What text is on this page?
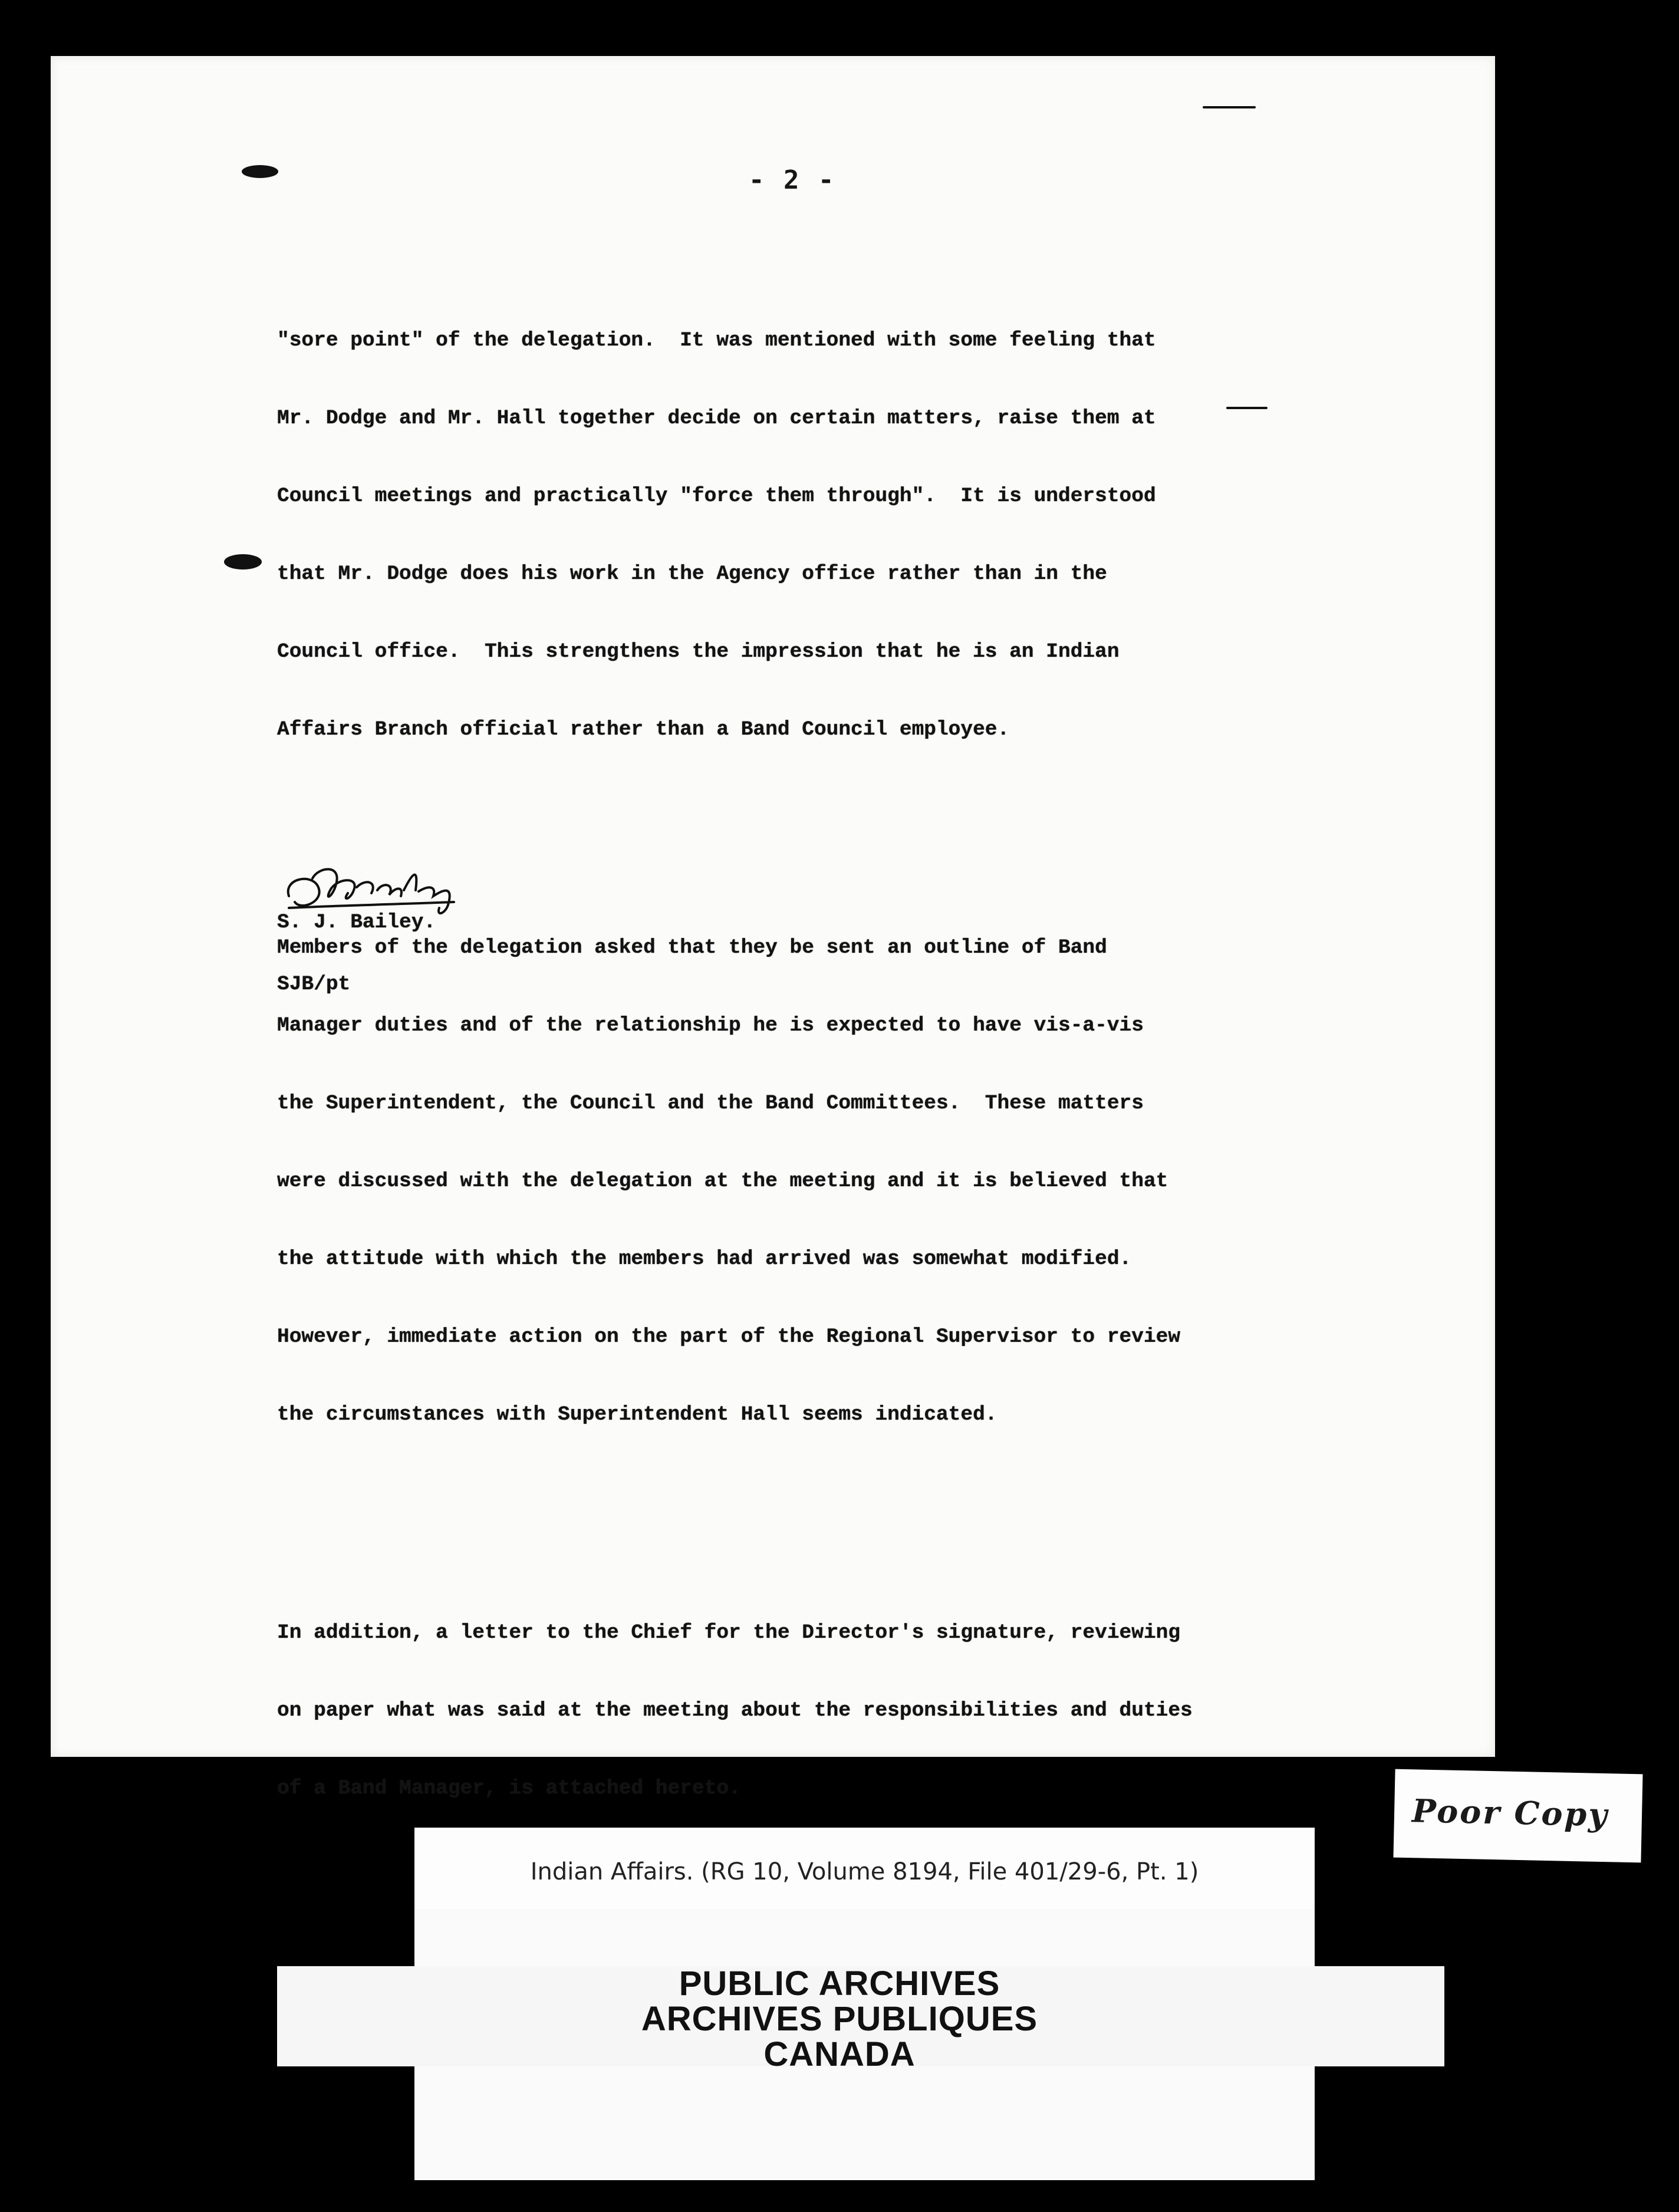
- 2 -

"sore point" of the delegation.  It was mentioned with some feeling that

Mr. Dodge and Mr. Hall together decide on certain matters, raise them at

Council meetings and practically "force them through".  It is understood

that Mr. Dodge does his work in the Agency office rather than in the

Council office.  This strengthens the impression that he is an Indian

Affairs Branch official rather than a Band Council employee.

Members of the delegation asked that they be sent an outline of Band

Manager duties and of the relationship he is expected to have vis-a-vis

the Superintendent, the Council and the Band Committees.  These matters

were discussed with the delegation at the meeting and it is believed that

the attitude with which the members had arrived was somewhat modified.

However, immediate action on the part of the Regional Supervisor to review

the circumstances with Superintendent Hall seems indicated.

In addition, a letter to the Chief for the Director's signature, reviewing

on paper what was said at the meeting about the responsibilities and duties

of a Band Manager, is attached hereto.

S. J. Bailey.
SJB/pt
Indian Affairs. (RG 10, Volume 8194, File 401/29-6, Pt. 1)
PUBLIC ARCHIVES
ARCHIVES PUBLIQUES
CANADA
Poor Copy
